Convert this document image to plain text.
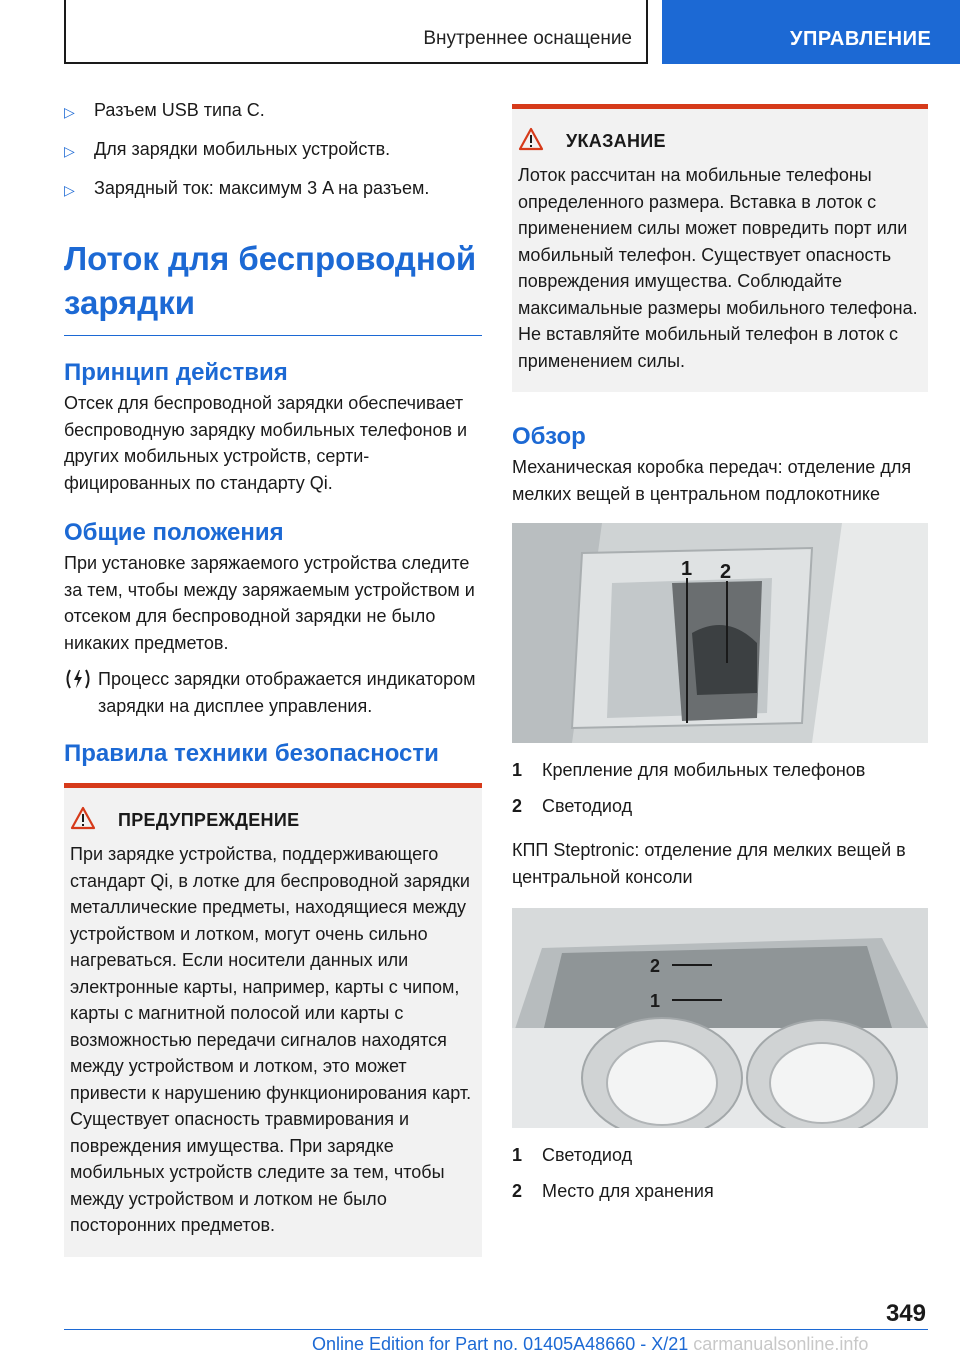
Внутреннее оснащение	УПРАВЛЕНИЕ
▷	Разъем USB типа C.
▷	Для зарядки мобильных устройств.
▷	Зарядный ток: максимум 3 A на разъем.
Лоток для беспроводной зарядки
Принцип действия

Отсек для беспроводной зарядки обеспечивает беспроводную зарядку мобильных телефонов и других мобильных устройств, сертифицированных по стандарту Qi.

Общие положения

При установке заряжаемого устройства следите за тем, чтобы между заряжаемым устройством и отсеком для беспроводной зарядки не было никаких предметов.

Процесс зарядки отображается индикатором зарядки на дисплее управления.

Правила техники безопасности
ПРЕДУПРЕЖДЕНИЕ

При зарядке устройства, поддерживающего стандарт Qi, в лотке для беспроводной зарядки металлические предметы, находящиеся между устройством и лотком, могут очень сильно нагреваться. Если носители данных или электронные карты, например, карты с чипом, карты с магнитной полосой или карты с возможностью передачи сигналов находятся между устройством и лотком, это может привести к нарушению функционирования карт. Существует опасность травмирования и повреждения имущества. При зарядке мобильных устройств следите за тем, чтобы между устройством и лотком не было посторонних предметов.

УКАЗАНИЕ

Лоток рассчитан на мобильные телефоны определенного размера. Вставка в лоток с применением силы может повредить порт или мобильный телефон. Существует опасность повреждения имущества. Соблюдайте максимальные размеры мобильного телефона. Не вставляйте мобильный телефон в лоток с применением силы.

Обзор

Механическая коробка передач: отделение для мелких вещей в центральном подлокотнике

1 2
1	Крепление для мобильных телефонов
2	Светодиод

КПП Steptronic: отделение для мелких вещей в центральной консоли

2
1
1	Светодиод
2	Место для хранения
349
Online Edition for Part no. 01405A48660 - X/21 carmanualsonline.info
